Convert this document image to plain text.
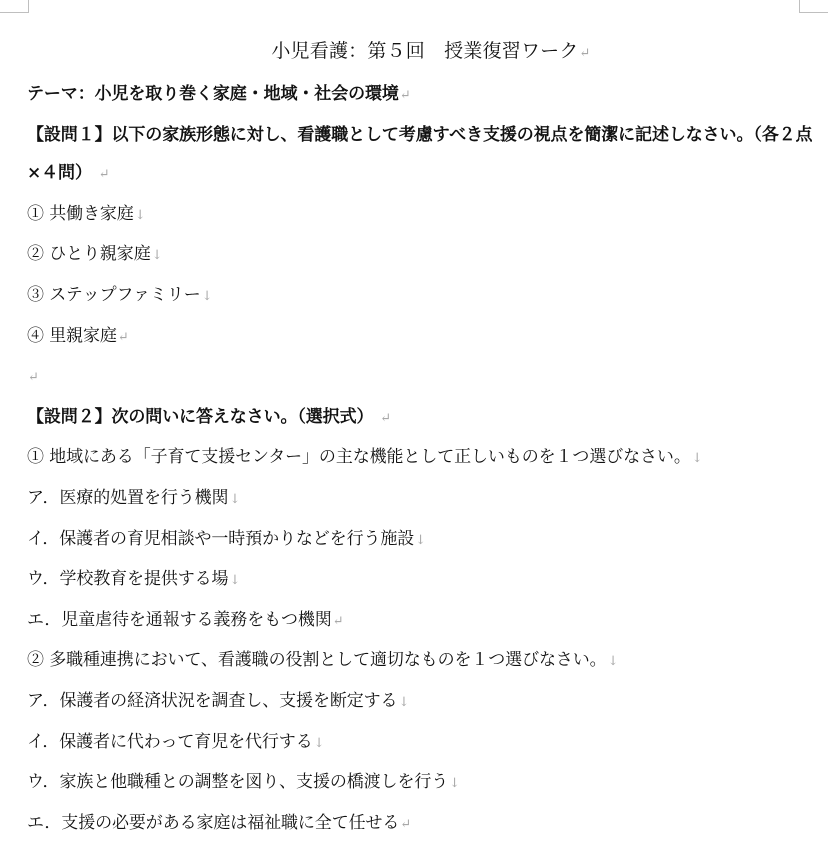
小児看護：第５回　授業復習ワーク↵
テーマ：小児を取り巻く家庭・地域・社会の環境↵
【設問１】以下の家族形態に対し、看護職として考慮すべき支援の視点を簡潔に記述しなさい。（各２点
×４問） ↵
① 共働き家庭↓
② ひとり親家庭↓
③ ステップファミリー↓
④ 里親家庭↵
↵
【設問２】次の問いに答えなさい。（選択式） ↵
① 地域にある「子育て支援センター」の主な機能として正しいものを１つ選びなさい。↓
ア．医療的処置を行う機関↓
イ．保護者の育児相談や一時預かりなどを行う施設↓
ウ．学校教育を提供する場↓
エ．児童虐待を通報する義務をもつ機関↵
② 多職種連携において、看護職の役割として適切なものを１つ選びなさい。↓
ア．保護者の経済状況を調査し、支援を断定する↓
イ．保護者に代わって育児を代行する↓
ウ．家族と他職種との調整を図り、支援の橋渡しを行う↓
エ．支援の必要がある家庭は福祉職に全て任せる↵
